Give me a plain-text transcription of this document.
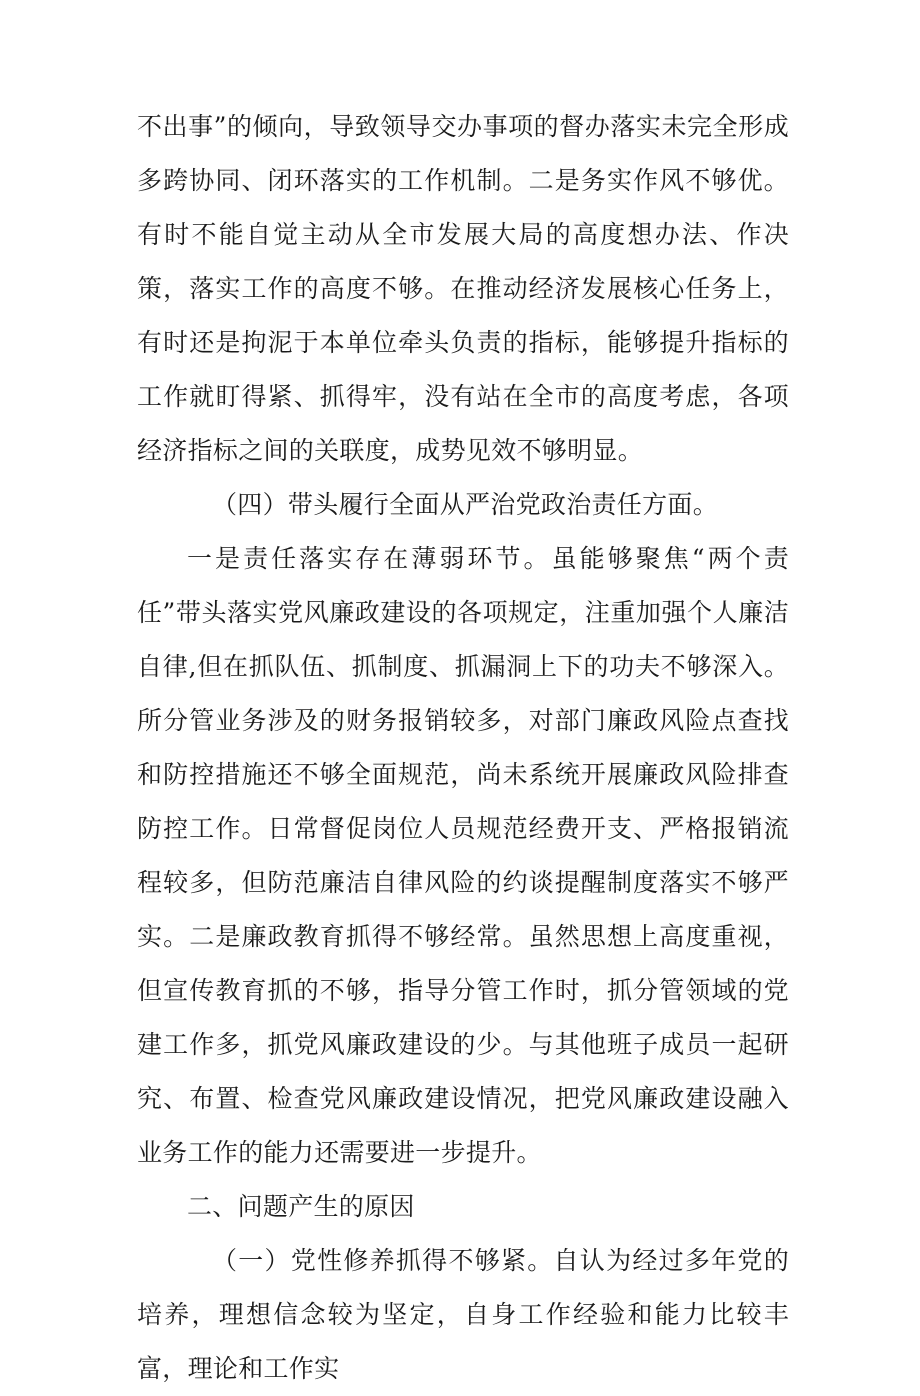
不出事”的倾向，导致领导交办事项的督办落实未完全形成多跨协同、闭环落实的工作机制。二是务实作风不够优。有时不能自觉主动从全市发展大局的高度想办法、作决策，落实工作的高度不够。在推动经济发展核心任务上，有时还是拘泥于本单位牵头负责的指标，能够提升指标的工作就盯得紧、抓得牢，没有站在全市的高度考虑，各项经济指标之间的关联度，成势见效不够明显。

（四）带头履行全面从严治党政治责任方面。

一是责任落实存在薄弱环节。虽能够聚焦“两个责任”带头落实党风廉政建设的各项规定，注重加强个人廉洁自律,但在抓队伍、抓制度、抓漏洞上下的功夫不够深入。所分管业务涉及的财务报销较多，对部门廉政风险点查找和防控措施还不够全面规范，尚未系统开展廉政风险排查防控工作。日常督促岗位人员规范经费开支、严格报销流程较多，但防范廉洁自律风险的约谈提醒制度落实不够严实。二是廉政教育抓得不够经常。虽然思想上高度重视，但宣传教育抓的不够，指导分管工作时，抓分管领域的党建工作多，抓党风廉政建设的少。与其他班子成员一起研究、布置、检查党风廉政建设情况，把党风廉政建设融入业务工作的能力还需要进一步提升。

二、问题产生的原因

（一）党性修养抓得不够紧。自认为经过多年党的培养，理想信念较为坚定，自身工作经验和能力比较丰富，理论和工作实
